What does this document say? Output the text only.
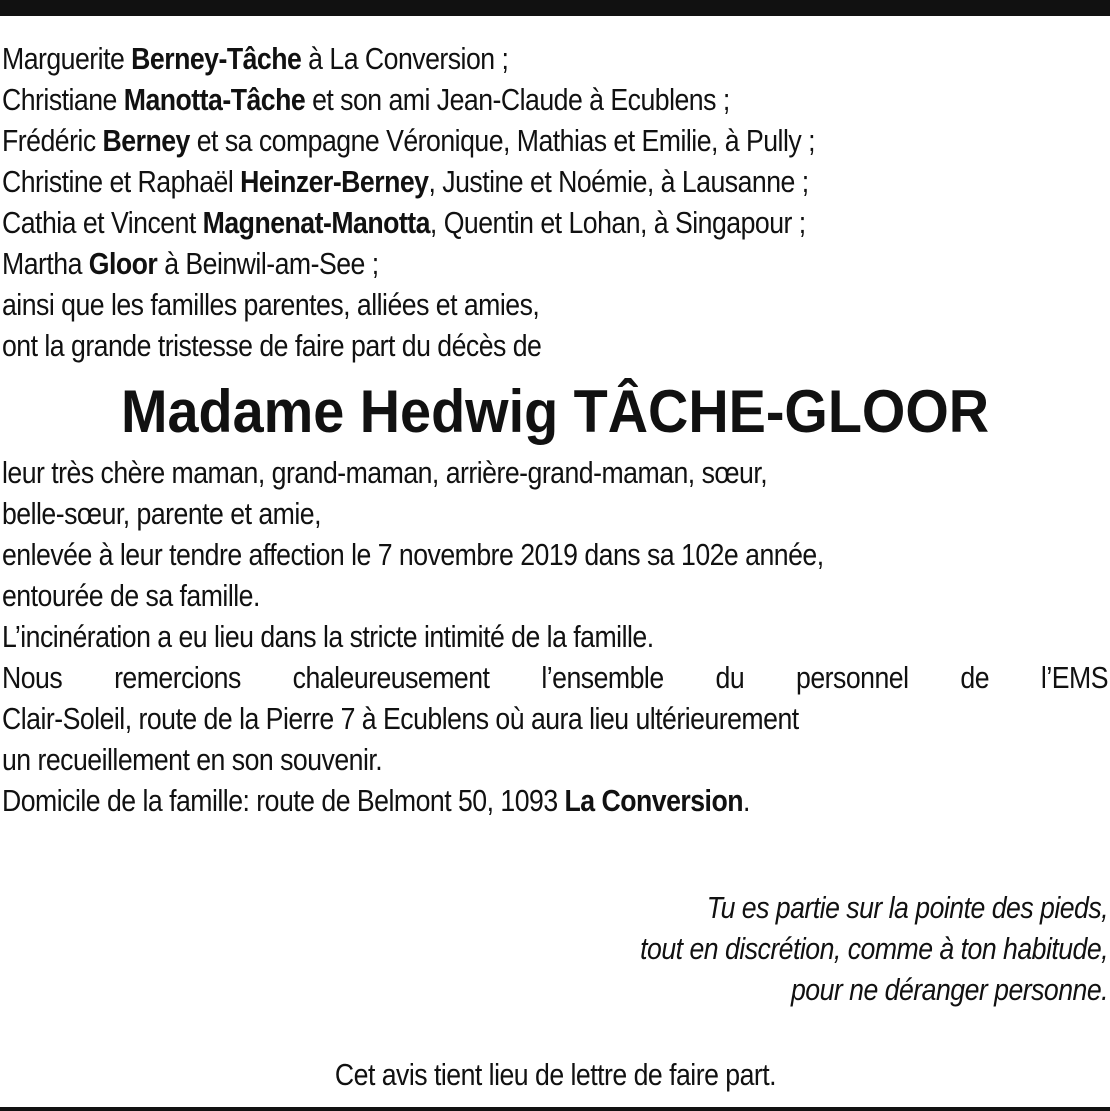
Marguerite Berney-Tâche à La Conversion ;
Christiane Manotta-Tâche et son ami Jean-Claude à Ecublens ;
Frédéric Berney et sa compagne Véronique, Mathias et Emilie, à Pully ;
Christine et Raphaël Heinzer-Berney, Justine et Noémie, à Lausanne ;
Cathia et Vincent Magnenat-Manotta, Quentin et Lohan, à Singapour ;
Martha Gloor à Beinwil-am-See ;
ainsi que les familles parentes, alliées et amies,
ont la grande tristesse de faire part du décès de
Madame Hedwig TÂCHE-GLOOR
leur très chère maman, grand-maman, arrière-grand-maman, sœur,
belle-sœur, parente et amie,
enlevée à leur tendre affection le 7 novembre 2019 dans sa 102e année,
entourée de sa famille.
L’incinération a eu lieu dans la stricte intimité de la famille.
Nous remercions chaleureusement l’ensemble du personnel de l’EMS
Clair-Soleil, route de la Pierre 7 à Ecublens où aura lieu ultérieurement
un recueillement en son souvenir.
Domicile de la famille: route de Belmont 50, 1093 La Conversion.
Tu es partie sur la pointe des pieds,
tout en discrétion, comme à ton habitude,
pour ne déranger personne.
Cet avis tient lieu de lettre de faire part.
